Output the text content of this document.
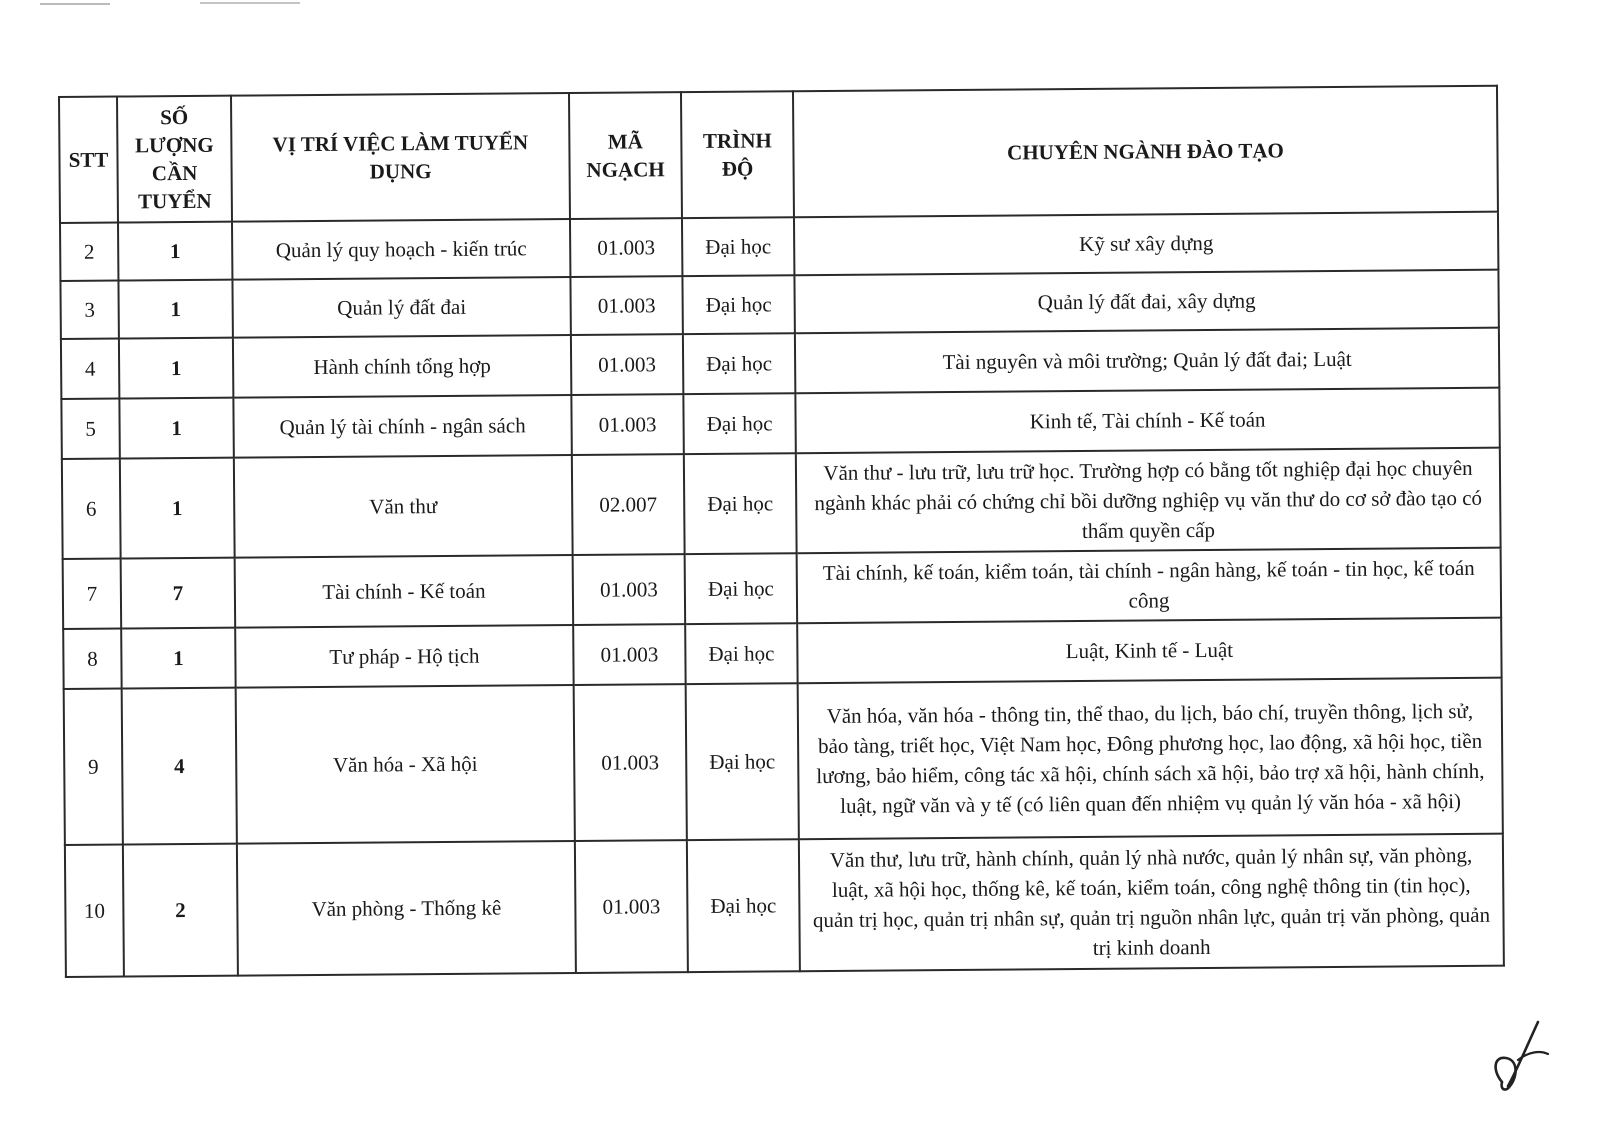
STT	SỐ LƯỢNG CẦN TUYỂN	VỊ TRÍ VIỆC LÀM TUYỂN DỤNG	MÃ NGẠCH	TRÌNH ĐỘ	CHUYÊN NGÀNH ĐÀO TẠO
2	1	Quản lý quy hoạch - kiến trúc	01.003	Đại học	Kỹ sư xây dựng
3	1	Quản lý đất đai	01.003	Đại học	Quản lý đất đai, xây dựng
4	1	Hành chính tổng hợp	01.003	Đại học	Tài nguyên và môi trường; Quản lý đất đai; Luật
5	1	Quản lý tài chính - ngân sách	01.003	Đại học	Kinh tế, Tài chính - Kế toán
6	1	Văn thư	02.007	Đại học	Văn thư - lưu trữ, lưu trữ học. Trường hợp có bằng tốt nghiệp đại học chuyên ngành khác phải có chứng chỉ bồi dưỡng nghiệp vụ văn thư do cơ sở đào tạo có thẩm quyền cấp
7	7	Tài chính - Kế toán	01.003	Đại học	Tài chính, kế toán, kiểm toán, tài chính - ngân hàng, kế toán - tin học, kế toán công
8	1	Tư pháp - Hộ tịch	01.003	Đại học	Luật, Kinh tế - Luật
9	4	Văn hóa - Xã hội	01.003	Đại học	Văn hóa, văn hóa - thông tin, thể thao, du lịch, báo chí, truyền thông, lịch sử, bảo tàng, triết học, Việt Nam học, Đông phương học, lao động, xã hội học, tiền lương, bảo hiểm, công tác xã hội, chính sách xã hội, bảo trợ xã hội, hành chính, luật, ngữ văn và y tế (có liên quan đến nhiệm vụ quản lý văn hóa - xã hội)
10	2	Văn phòng - Thống kê	01.003	Đại học	Văn thư, lưu trữ, hành chính, quản lý nhà nước, quản lý nhân sự, văn phòng, luật, xã hội học, thống kê, kế toán, kiểm toán, công nghệ thông tin (tin học), quản trị học, quản trị nhân sự, quản trị nguồn nhân lực, quản trị văn phòng, quản trị kinh doanh
